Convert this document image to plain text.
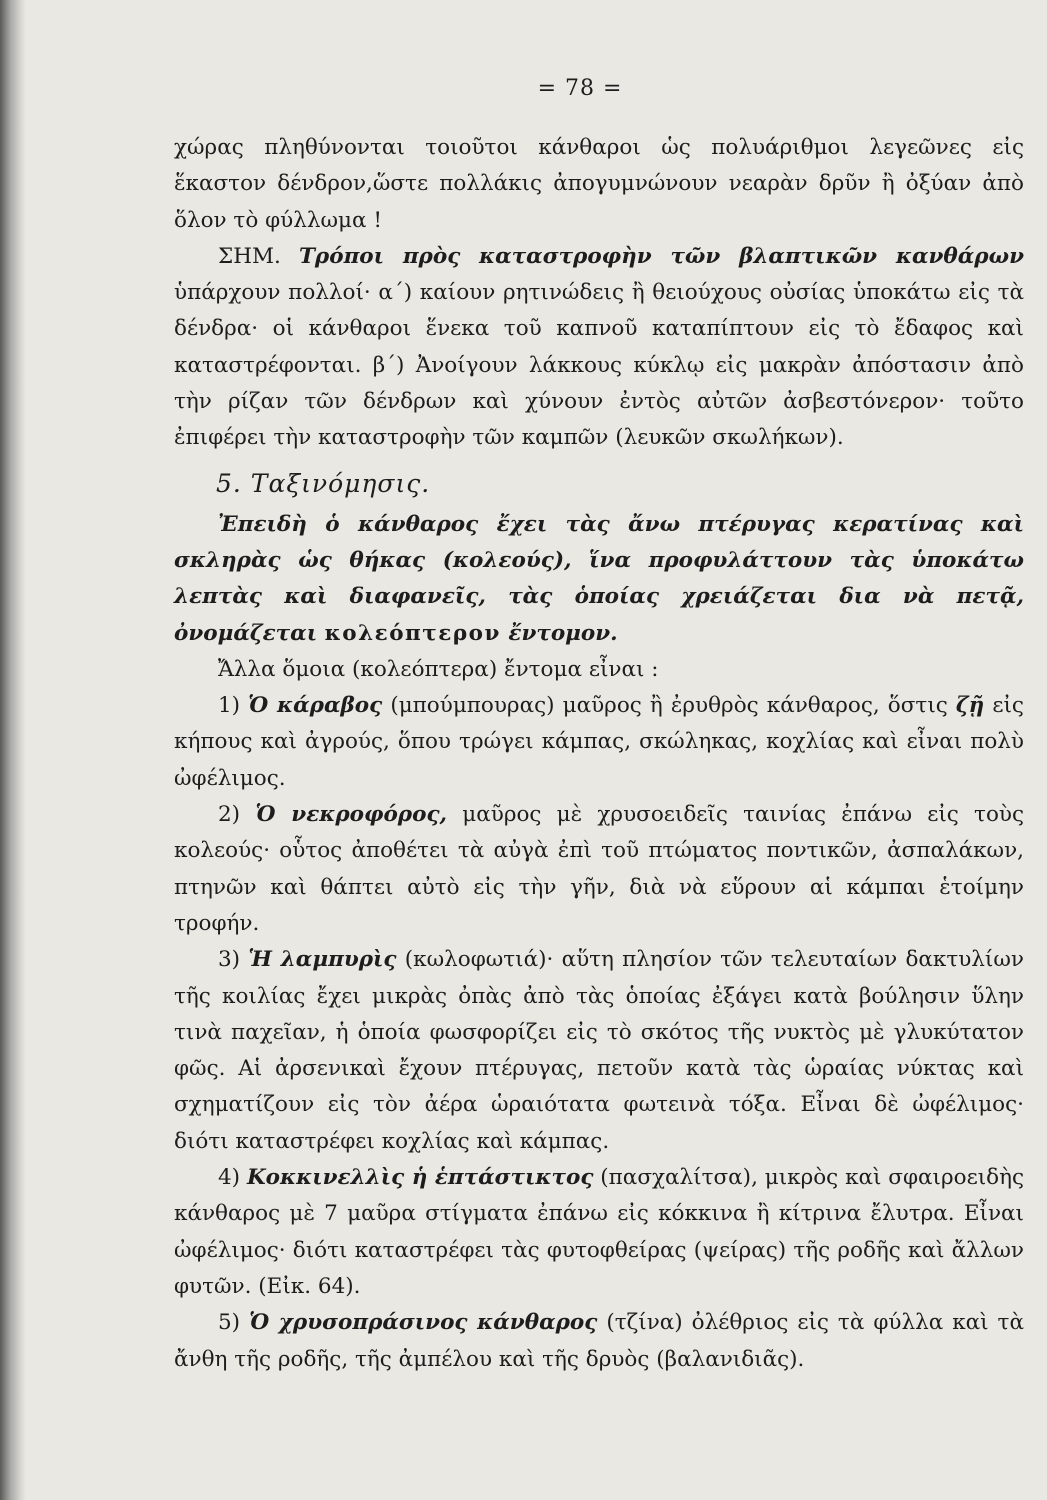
= 78 =

χώρας πληθύνονται τοιοῦτοι κάνθαροι ὡς πολυάριθμοι λεγεῶνες εἰς ἕκαστον δένδρον,ὥστε πολλάκις ἀπογυμνώνουν νεαρὰν δρῦν ἢ ὀξύαν ἀπὸ ὅλον τὸ φύλλωμα !

ΣΗΜ. Τρόποι πρὸς καταστροφὴν τῶν βλαπτικῶν κανθάρων ὑπάρχουν πολλοί· α΄) καίουν ρητινώδεις ἢ θειούχους οὐσίας ὑποκάτω εἰς τὰ δένδρα· οἱ κάνθαροι ἕνεκα τοῦ καπνοῦ καταπίπτουν εἰς τὸ ἔδαφος καὶ καταστρέφονται. β΄) Ἀνοίγουν λάκκους κύκλῳ εἰς μακρὰν ἀπόστασιν ἀπὸ τὴν ρίζαν τῶν δένδρων καὶ χύνουν ἐντὸς αὐτῶν ἀσβεστόνερον· τοῦτο ἐπιφέρει τὴν καταστροφὴν τῶν καμπῶν (λευκῶν σκωλήκων).

5. Ταξινόμησις.

Ἐπειδὴ ὁ κάνθαρος ἔχει τὰς ἄνω πτέρυγας κερατίνας καὶ σκληρὰς ὡς θήκας (κολεούς), ἵνα προφυλάττουν τὰς ὑποκάτω λεπτὰς καὶ διαφανεῖς, τὰς ὁποίας χρειάζεται δια νὰ πετᾷ, ὀνομάζεται κολεόπτερον ἔντομον.

Ἄλλα ὅμοια (κολεόπτερα) ἔντομα εἶναι :

1) Ὁ κάραβος (μπούμπουρας) μαῦρος ἢ ἐρυθρὸς κάνθαρος, ὅστις ζῇ εἰς κήπους καὶ ἀγρούς, ὅπου τρώγει κάμπας, σκώληκας, κοχλίας καὶ εἶναι πολὺ ὠφέλιμος.

2) Ὁ νεκροφόρος, μαῦρος μὲ χρυσοειδεῖς ταινίας ἐπάνω εἰς τοὺς κολεούς· οὗτος ἀποθέτει τὰ αὐγὰ ἐπὶ τοῦ πτώματος ποντικῶν, ἀσπαλάκων, πτηνῶν καὶ θάπτει αὐτὸ εἰς τὴν γῆν, διὰ νὰ εὕρουν αἱ κάμπαι ἑτοίμην τροφήν.

3) Ἡ λαμπυρὶς (κωλοφωτιά)· αὕτη πλησίον τῶν τελευταίων δακτυλίων τῆς κοιλίας ἔχει μικρὰς ὀπὰς ἀπὸ τὰς ὁποίας ἐξάγει κατὰ βούλησιν ὕλην τινὰ παχεῖαν, ἡ ὁποία φωσφορίζει εἰς τὸ σκότος τῆς νυκτὸς μὲ γλυκύτατον φῶς. Αἱ ἀρσενικαὶ ἔχουν πτέρυγας, πετοῦν κατὰ τὰς ὡραίας νύκτας καὶ σχηματίζουν εἰς τὸν ἀέρα ὡραιότατα φωτεινὰ τόξα. Εἶναι δὲ ὠφέλιμος· διότι καταστρέφει κοχλίας καὶ κάμπας.

4) Κοκκινελλὶς ἡ ἑπτάστικτος (πασχαλίτσα), μικρὸς καὶ σφαιροειδὴς κάνθαρος μὲ 7 μαῦρα στίγματα ἐπάνω εἰς κόκκινα ἢ κίτρινα ἔλυτρα. Εἶναι ὠφέλιμος· διότι καταστρέφει τὰς φυτοφθείρας (ψείρας) τῆς ροδῆς καὶ ἄλλων φυτῶν. (Εἰκ. 64).

5) Ὁ χρυσοπράσινος κάνθαρος (τζίνα) ὀλέθριος εἰς τὰ φύλλα καὶ τὰ ἄνθη τῆς ροδῆς, τῆς ἀμπέλου καὶ τῆς δρυὸς (βαλανιδιᾶς).
